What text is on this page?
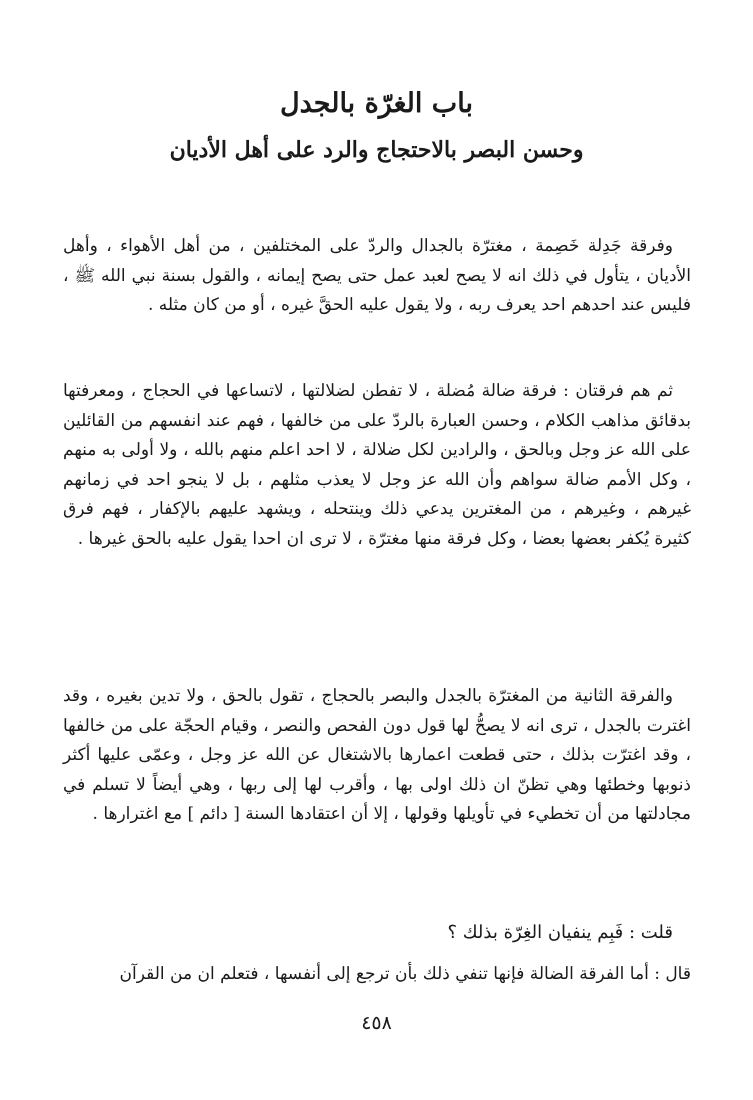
باب الغرّة بالجدل
وحسن البصر بالاحتجاج والرد على أهل الأديان

وفرقة جَدِلة خَصِمة ، مغترّة بالجدال والردّ على المختلفين ، من أهل الأهواء ، وأهل الأديان ، يتأول في ذلك انه لا يصح لعبد عمل حتى يصح إيمانه ، والقول بسنة نبي الله ﷺ ، فليس عند احدهم احد يعرف ربه ، ولا يقول عليه الحقَّ غيره ، أو من كان مثله .

ثم هم فرقتان : فرقة ضالة مُضلة ، لا تفطن لضلالتها ، لاتساعها في الحجاج ، ومعرفتها بدقائق مذاهب الكلام ، وحسن العبارة بالردّ على من خالفها ، فهم عند انفسهم من القائلين على الله عز وجل وبالحق ، والرادين لكل ضلالة ، لا احد اعلم منهم بالله ، ولا أولى به منهم ، وكل الأمم ضالة سواهم وأن الله عز وجل لا يعذب مثلهم ، بل لا ينجو احد في زمانهم غيرهم ، وغيرهم ، من المغترين يدعي ذلك وينتحله ، ويشهد عليهم بالإكفار ، فهم فرق كثيرة يُكفر بعضها بعضا ، وكل فرقة منها مغترّة ، لا ترى ان احدا يقول عليه بالحق غيرها .

والفرقة الثانية من المغترّة بالجدل والبصر بالحجاج ، تقول بالحق ، ولا تدين بغيره ، وقد اغترت بالجدل ، ترى انه لا يصحُّ لها قول دون الفحص والنصر ، وقيام الحجّة على من خالفها ، وقد اغترّت بذلك ، حتى قطعت اعمارها بالاشتغال عن الله عز وجل ، وعمّى عليها أكثر ذنوبها وخطئها وهي تظنّ ان ذلك اولى بها ، وأقرب لها إلى ربها ، وهي أيضاً لا تسلم في مجادلتها من أن تخطيء في تأويلها وقولها ، إلا أن اعتقادها السنة [ دائم ] مع اغترارها .

قلت : فَبِم ينفيان الغِرّة بذلك ؟

قال : أما الفرقة الضالة فإنها تنفي ذلك بأن ترجع إلى أنفسها ، فتعلم ان من القرآن

٤٥٨
